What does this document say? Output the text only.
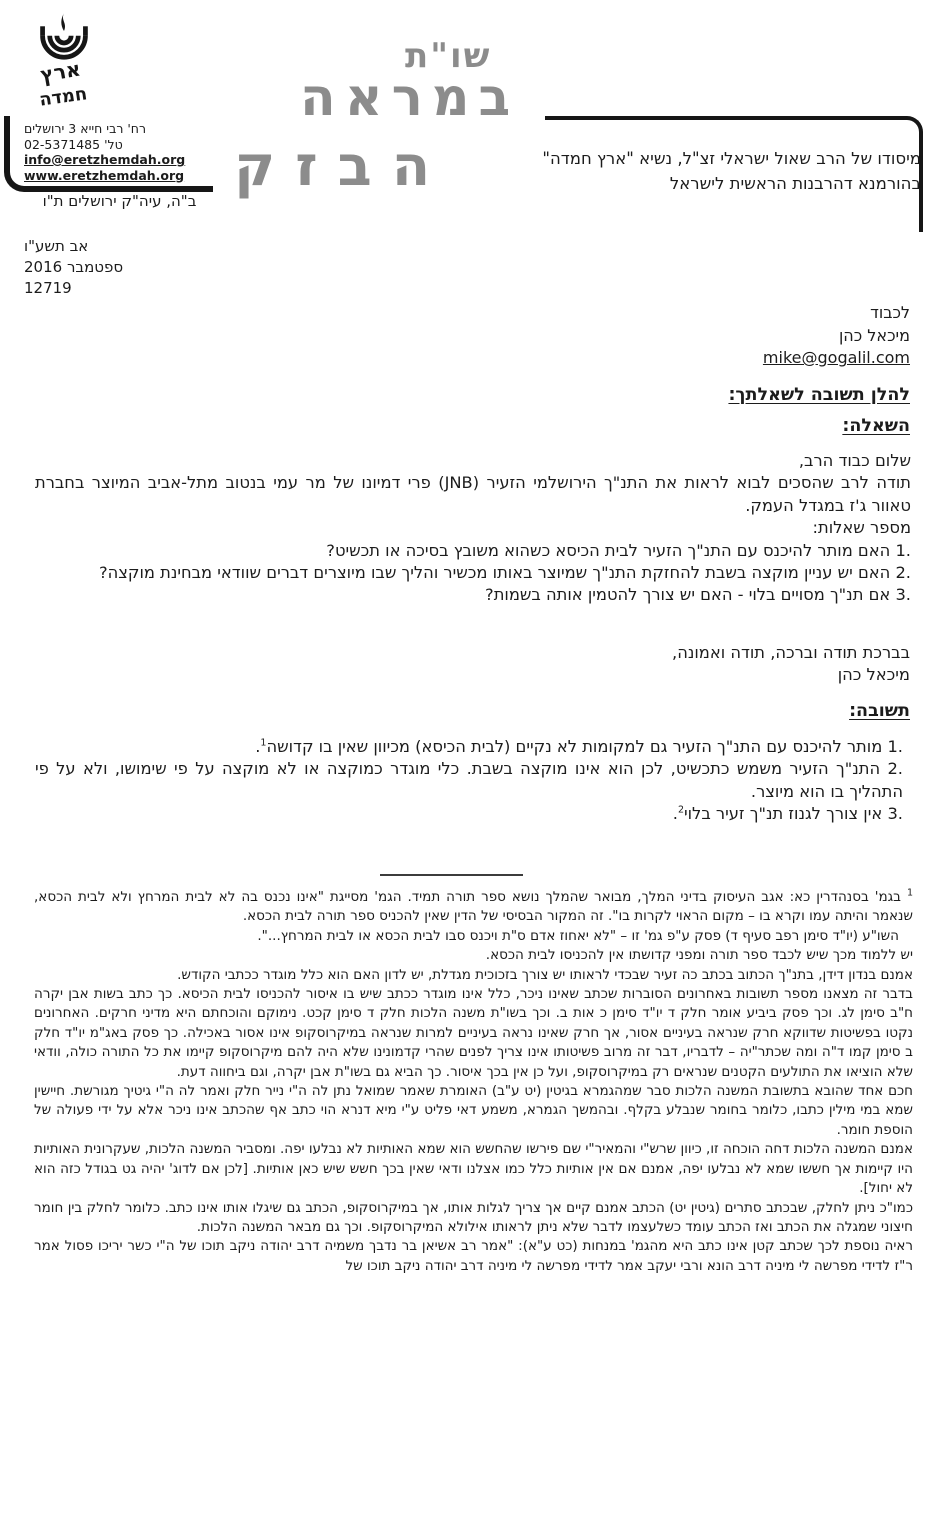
ארץ
חמדה
רח' רבי חייא 3 ירושלים
טל' 02-5371485
info@eretzhemdah.org
www.eretzhemdah.org
ב"ה, עיה"ק ירושלים ת"ו
שו"ת
במראה
הבזק	מיסודו של הרב שאול ישראלי זצ"ל, נשיא "ארץ חמדה"
בהורמנא דהרבנות הראשית לישראל
אב תשע"ו
ספטמבר 2016
12719
לכבוד
מיכאל כהן
mike@gogalil.com
להלן תשובה לשאלתך:
השאלה:
שלום כבוד הרב,
תודה לרב שהסכים לבוא לראות את התנ"ך הירושלמי הזעיר (JNB) פרי דמיונו של מר עמי בנטוב מתל-אביב המיוצר בחברת טאוור ג'ז במגדל העמק.
מספר שאלות:
1. האם מותר להיכנס עם התנ"ך הזעיר לבית הכיסא כשהוא משובץ בסיכה או תכשיט?
2. האם יש עניין מוקצה בשבת להחזקת התנ"ך שמיוצר באותו מכשיר והליך שבו מיוצרים דברים שוודאי מבחינת מוקצה?
3. אם תנ"ך מסויים בלוי - האם יש צורך להטמין אותה בשמות?
בברכת תודה וברכה, תודה ואמונה,
מיכאל כהן
תשובה:
1. מותר להיכנס עם התנ"ך הזעיר גם למקומות לא נקיים (לבית הכיסא) מכיוון שאין בו קדושה$^1$.
2. התנ"ך הזעיר משמש כתכשיט, לכן הוא אינו מוקצה בשבת. כלי מוגדר כמוקצה או לא מוקצה על פי שימושו, ולא על פי התהליך בו הוא מיוצר.
3. אין צורך לגנוז תנ"ך זעיר בלוי$^2$.
$^1$ בגמ' בסנהדרין כא: אגב העיסוק בדיני המלך, מבואר שהמלך נושא ספר תורה תמיד. הגמ' מסייגת "אינו נכנס בה לא לבית המרחץ ולא לבית הכסא, שנאמר והיתה עמו וקרא בו – מקום הראוי לקרות בו". זה המקור הבסיסי של הדין שאין להכניס ספר תורה לבית הכסא.
השו"ע (יו"ד סימן רפב סעיף ד) פסק ע"פ גמ' זו – "לא יאחוז אדם ס"ת ויכנס סבו לבית הכסא או לבית המרחץ...".
יש ללמוד מכך שיש לכבד ספר תורה ומפני קדושתו אין להכניסו לבית הכסא.
אמנם בנדון דידן, בתנ"ך הכתוב בכתב כה זעיר שבכדי לראותו יש צורך בזכוכית מגדלת, יש לדון האם הוא כלל מוגדר ככתבי הקודש.
בדבר זה מצאנו מספר תשובות באחרונים הסוברות שכתב שאינו ניכר, כלל אינו מוגדר ככתב שיש בו איסור להכניסו לבית הכיסא. כך כתב בשות אבן יקרה ח"ב סימן לג. וכך פסק ביביע אומר חלק ד יו"ד סימן כ אות ב. וכך בשו"ת משנה הלכות חלק ד סימן קכט. נימוקם והוכחתם היא מדיני חרקים. האחרונים נקטו בפשיטות שדווקא חרק שנראה בעיניים אסור, אך חרק שאינו נראה בעיניים למרות שנראה במיקרוסקופ אינו אסור באכילה. כך פסק באג"מ יו"ד חלק ב סימן קמו ד"ה ומה שכתר"יה – לדבריו, דבר זה מרוב פשיטותו אינו צריך לפנים שהרי קדמונינו שלא היה להם מיקרוסקופ קיימו את כל התורה כולה, וודאי שלא הוציאו את התולעים הקטנים שנראים רק במיקרוסקופ, ועל כן אין בכך איסור. כך הביא גם בשו"ת אבן יקרה, וגם ביחווה דעת.
חכם אחד שהובא בתשובת המשנה הלכות סבר שמהגמרא בגיטין (יט ע"ב) האומרת שאמר שמואל נתן לה ה"י נייר חלק ואמר לה ה"י גיטיך מגורשת. חיישין שמא במי מילין כתבו, כלומר בחומר שנבלע בקלף. ובהמשך הגמרא, משמע דאי פליט ע"י מיא דנרא הוי כתב אף שהכתב אינו ניכר אלא על ידי פעולה של הוספת חומר.
אמנם המשנה הלכות דחה הוכחה זו, כיוון שרש"י והמאיר"י שם פירשו שהחשש הוא שמא האותיות לא נבלעו יפה. ומסביר המשנה הלכות, שעקרונית האותיות היו קיימות אך חששו שמא לא נבלעו יפה, אמנם אם אין אותיות כלל כמו אצלנו ודאי שאין בכך חשש שיש כאן אותיות. [לכן אם לדוג' יהיה גט בגודל כזה הוא לא יחול].
כמו"כ ניתן לחלק, שבכתב סתרים (גיטין יט) הכתב אמנם קיים אך צריך לגלות אותו, אך במיקרוסקופ, הכתב גם שיגלו אותו אינו כתב. כלומר לחלק בין חומר חיצוני שמגלה את הכתב ואז הכתב עומד כשלעצמו לדבר שלא ניתן לראותו אילולא המיקרוסקופ. וכך גם מבאר המשנה הלכות.
ראיה נוספת לכך שכתב קטן אינו כתב היא מהגמ' במנחות (כט ע"א): "אמר רב אשיאן בר נדבך משמיה דרב יהודה ניקב תוכו של ה"י כשר יריכו פסול אמר ר"ז לדידי מפרשה לי מיניה דרב הונא ורבי יעקב אמר לדידי מפרשה לי מיניה דרב יהודה ניקב תוכו של
